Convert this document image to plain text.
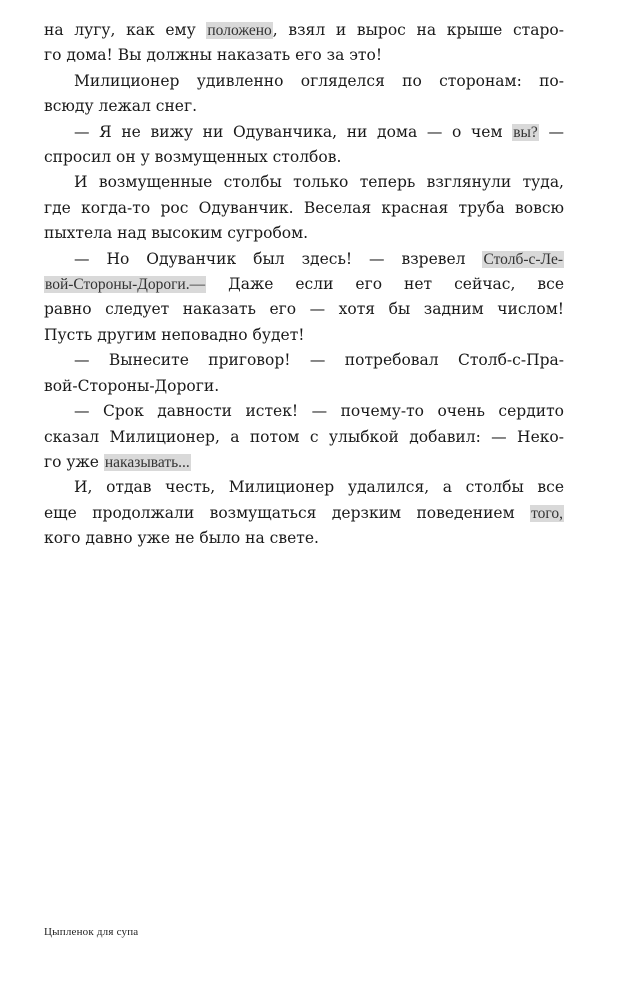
на лугу, как ему положено, взял и вырос на крыше старо-
го дома! Вы должны наказать его за это!
Милиционер удивленно огляделся по сторонам: по-
всюду лежал снег.
— Я не вижу ни Одуванчика, ни дома — о чем вы? —
спросил он у возмущенных столбов.
И возмущенные столбы только теперь взглянули туда,
где когда-то рос Одуванчик. Веселая красная труба вовсю
пыхтела над высоким сугробом.
— Но Одуванчик был здесь! — взревел Столб-с-Ле-
вой-Стороны-Дороги.— Даже если его нет сейчас, все
равно следует наказать его — хотя бы задним числом!
Пусть другим неповадно будет!
— Вынесите приговор! — потребовал Столб-с-Пра-
вой-Стороны-Дороги.
— Срок давности истек! — почему-то очень сердито
сказал Милиционер, а потом с улыбкой добавил: — Неко-
го уже наказывать...
И, отдав честь, Милиционер удалился, а столбы все
еще продолжали возмущаться дерзким поведением того,
кого давно уже не было на свете.
Цыпленок для супа
